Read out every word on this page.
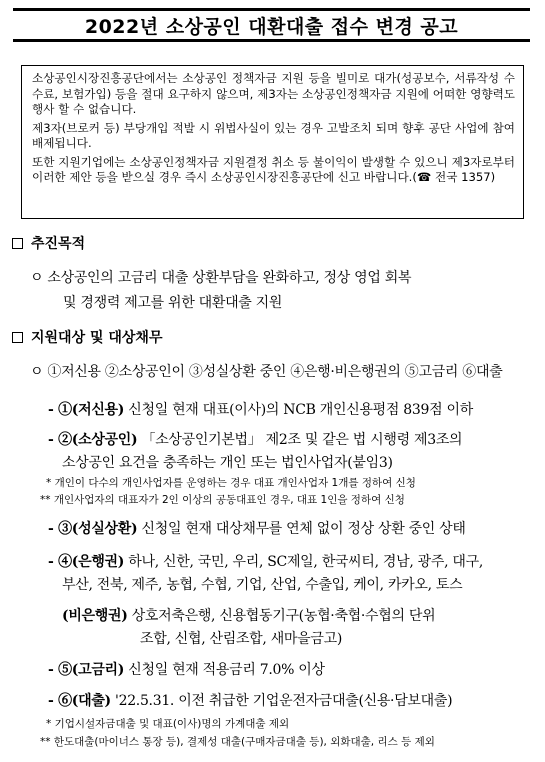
2022년 소상공인 대환대출 접수 변경 공고

소상공인시장진흥공단에서는 소상공인 정책자금 지원 등을 빌미로 대가(성공보수, 서류작성 수수료, 보험가입) 등을 절대 요구하지 않으며, 제3자는 소상공인정책자금 지원에 어떠한 영향력도 행사 할 수 없습니다.

제3자(브로커 등) 부당개입 적발 시 위법사실이 있는 경우 고발조치 되며 향후 공단 사업에 참여 배제됩니다.

또한 지원기업에는 소상공인정책자금 지원결정 취소 등 불이익이 발생할 수 있으니 제3자로부터 이러한 제안 등을 받으실 경우 즉시 소상공인시장진흥공단에 신고 바랍니다.(☎ 전국 1357)

추진목적
ㅇ 소상공인의 고금리 대출 상환부담을 완화하고, 정상 영업 회복
및 경쟁력 제고를 위한 대환대출 지원
지원대상 및 대상채무
ㅇ ①저신용 ②소상공인이 ③성실상환 중인 ④은행·비은행권의 ⑤고금리 ⑥대출
- ①(저신용) 신청일 현재 대표(이사)의 NCB 개인신용평점 839점 이하
- ②(소상공인) 「소상공인기본법」 제2조 및 같은 법 시행령 제3조의
소상공인 요건을 충족하는 개인 또는 법인사업자(붙임3)
* 개인이 다수의 개인사업자를 운영하는 경우 대표 개인사업자 1개를 정하여 신청
** 개인사업자의 대표자가 2인 이상의 공동대표인 경우, 대표 1인을 정하여 신청
- ③(성실상환) 신청일 현재 대상채무를 연체 없이 정상 상환 중인 상태
- ④(은행권) 하나, 신한, 국민, 우리, SC제일, 한국씨티, 경남, 광주, 대구,
부산, 전북, 제주, 농협, 수협, 기업, 산업, 수출입, 케이, 카카오, 토스
(비은행권) 상호저축은행, 신용협동기구(농협·축협·수협의 단위
조합, 신협, 산림조합, 새마을금고)
- ⑤(고금리) 신청일 현재 적용금리 7.0% 이상
- ⑥(대출) '22.5.31. 이전 취급한 기업운전자금대출(신용·담보대출)
* 기업시설자금대출 및 대표(이사)명의 가계대출 제외
** 한도대출(마이너스 통장 등), 결제성 대출(구매자금대출 등), 외화대출, 리스 등 제외
